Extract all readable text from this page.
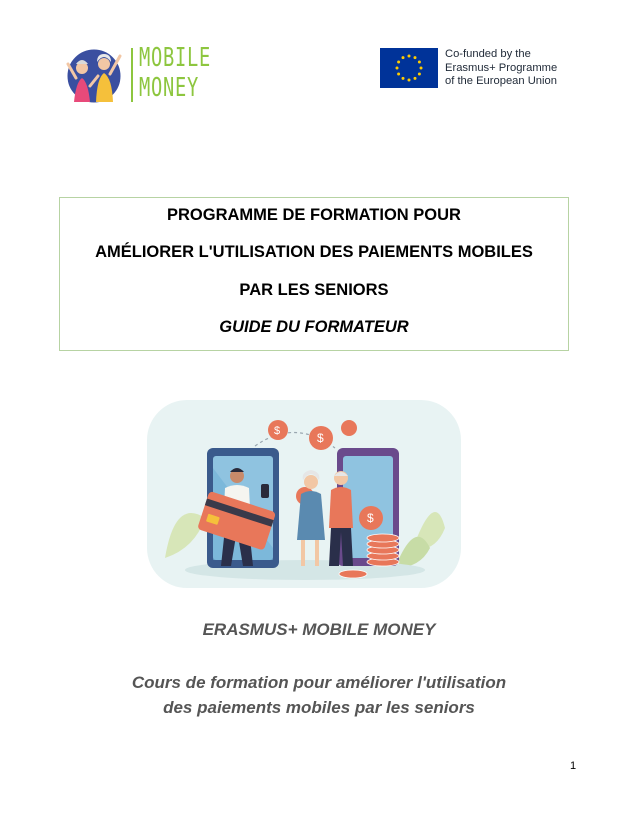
MOBILE
MONEY
Co-funded by the
Erasmus+ Programme
of the European Union
PROGRAMME DE FORMATION POUR
AMÉLIORER L'UTILISATION DES PAIEMENTS MOBILES
PAR LES SENIORS
GUIDE DU FORMATEUR
$	$
$
ERASMUS+ MOBILE MONEY
Cours de formation pour améliorer l'utilisation
des paiements mobiles par les seniors
1
